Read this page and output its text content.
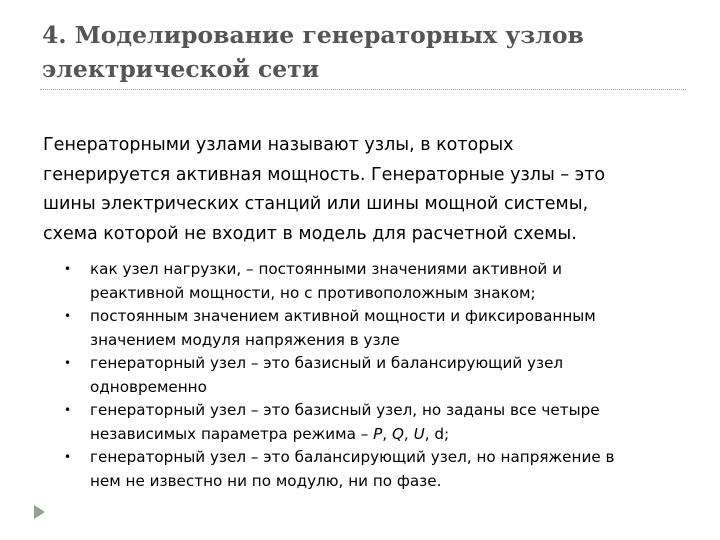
4. Моделирование генераторных узлов
электрической сети

Генераторными узлами называют узлы, в которых
генерируется активная мощность. Генераторные узлы – это
шины электрических станций или шины мощной системы,
схема которой не входит в модель для расчетной схемы.

• как узел нагрузки, – постоянными значениями активной и
реактивной мощности, но с противоположным знаком;
• постоянным значением активной мощности и фиксированным
значением модуля напряжения в узле
• генераторный узел – это базисный и балансирующий узел
одновременно
• генераторный узел – это базисный узел, но заданы все четыре
независимых параметра режима – P, Q, U, d;
• генераторный узел – это балансирующий узел, но напряжение в
нем не известно ни по модулю, ни по фазе.
